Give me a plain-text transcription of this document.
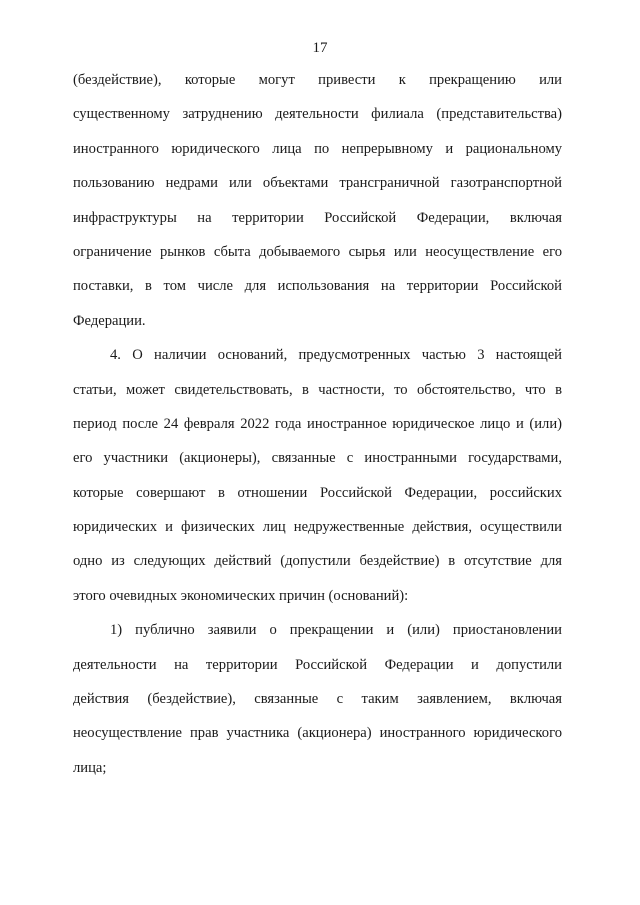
17
(бездействие), которые могут привести к прекращению или
существенному затруднению деятельности филиала (представительства)
иностранного юридического лица по непрерывному и рациональному
пользованию недрами или объектами трансграничной газотранспортной
инфраструктуры на территории Российской Федерации, включая
ограничение рынков сбыта добываемого сырья или неосуществление его
поставки, в том числе для использования на территории Российской
Федерации.
4. О наличии оснований, предусмотренных частью 3 настоящей
статьи, может свидетельствовать, в частности, то обстоятельство, что в
период после 24 февраля 2022 года иностранное юридическое лицо и (или)
его участники (акционеры), связанные с иностранными государствами,
которые совершают в отношении Российской Федерации, российских
юридических и физических лиц недружественные действия, осуществили
одно из следующих действий (допустили бездействие) в отсутствие для
этого очевидных экономических причин (оснований):
1) публично заявили о прекращении и (или) приостановлении
деятельности на территории Российской Федерации и допустили
действия (бездействие), связанные с таким заявлением, включая
неосуществление прав участника (акционера) иностранного юридического
лица;
